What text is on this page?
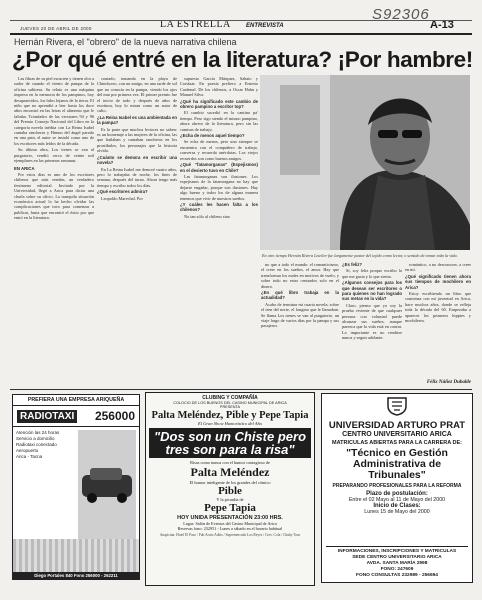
JUEVES 20 DE ABRIL DE 2000	LA ESTRELLA	ENTREVISTA	A-13
S92306
Hernán Rivera, el "obrero" de la nueva narrativa chilena
¿Por qué entré en la literatura? ¡Por hambre!

Las fibras de su piel escurren y tienen olor a sudor de cuando el viento de pampa de la oficina salitrera. Su relato es una máquina impresa en la memoria de los pampinos, hoy desaparecidos, los hilos lejanos de la tierra. El niño que no aprendió a leer hasta los doce años encontró en las letras el alimento que le faltaba. Triunfador de las versiones 94 y 96 del Premio Consejo Nacional del Libro en la categoría novela inédita con La Reina Isabel cantaba rancheras y Himno del ángel parado en una pata, el autor se instaló como uno de los escritores más leídos de la década.

Su última obra, Los trenes se van al purgatorio, vendió cerca de veinte mil ejemplares en las primeras semanas.

EN ARICA

Por estos días es uno de los escritores chilenos que más venden, un verdadero fenómeno editorial. Invitado por la Universidad, llegó a Arica para dictar una charla sobre su oficio. La tranquila situación económica actual lo ha hecho olvidar las complicaciones que tuvo para comenzar a publicar, hasta que encontró el éxito por que entró en la literatura.

contado, tomando en la playa de Chinchorro, con un amigo, en una tarde de sol que no conocía en la pampa, viendo los ojos del mar por primera vez. El primer premio fue el inicio de todo y después de años de escritura, hoy lo miran como un autor de culto.

¿La Reina Isabel es una ambientada en la pampa?

Es la parte que muchos lectores no saben: es un homenaje a las mujeres de la oficina, las que bailaban y cantaban rancheras en los prostíbulos, los personajes que la historia olvida.

¿Cuánto se demora en escribir una novela?

En La Reina Isabel me demoré cuatro años, pero lo trabajaba de noche, los fines de semana, después del turno. Ahora tengo más tiempo y escribo todos los días.

¿Qué escritores admira?

Leopoldo Marechal. Por

supuesto García Márquez, Sabato y Cortázar. En poesía prefiero a Ernesto Cardenal. De los chilenos, a Oscar Hahn y Manuel Silva.

¿Qué ha significado este cambio de obrero pampino a escritor top?

El cambio sucedió en la cantina pa' tiempo. Pero sigo siendo el mismo pampino, ahora obrero de la literatura, pero sin las camisas de trabajo.

¿Echa de menos aquel tiempo?

Se echa de menos, pero uno siempre se encuentra con el compañero de trabajo, conversa y recuerda anécdotas. Los viejos recuerdos son como buenos amigos.

¿Qué "fatamorganas" (Espejismos) en el desierto tuvo en Chile?

Las fatamorganas son ilusiones. Los espejismos de la fatamorgana no hay que dejarse engañar, porque son ilusiones. Hay algo bueno y todos los de alguna manera tenemos que vivir de nuestros sueños.

¿Y cuáles les hacen falta a los chilenos?

No tan sólo al chileno sino

En otro tiempo Hernán Rivera Letelier fue largamente pastor del tejido como lector, o sentido de tomar todo la vida.

no que a todo el mundo: el romanticismo, el creer en los sueños, el amor. Hay que transformar los males en motivos de vuelo, y sobre todo no estar centrados solo en el dinero.

¿En qué libro trabaja en la actualidad?

Acabo de terminar mi cuarta novela, sobre el tren del norte, el longino que le llamaban. Se llama Los trenes se van al purgatorio, un viaje largo de varios días por la pampa y sus pasajeros.

¿Es feliz?

Sí, soy feliz porque escribo lo que me gusta y lo que siento.

¿Algunos consejos para los que desean ser escritores o para quienes no han logrado sus metas en la vida?

Claro, pienso que yo soy la prueba viviente de que cualquier persona con voluntad puede alcanzar sus sueños, aunque parezca que la vida está en contra. Lo importante es no rendirse nunca y seguir adelante.

romántico, a no desconocer, a creer en mí.

¿Qué significado tienen ahora sus tiempos de mochilero en Arica?

Estoy escribiendo un libro que comienza con mi juventud en Arica, hace muchos años, donde se refleja toda la década del 60. Empezaba a aparecer los primeros hippies y mochileros.

Félix Núñez Dubalde
PREFIERA UNA EMPRESA ARIQUEÑA
RADIOTAXI 256000
Atención las 24 horas
Servicio a domicilio
Radiotaxi conectado
Aeropuerto
Arica - Tacna
Diego Portales 840 Fono 256000 - 262211
CLUBING Y COMPAÑÍA
COLOCIO DE LOS BUENOS DEL CASINO MUNICIPAL DE ARICA
PRESENTA
Palta Meléndez, Pible y Pepe Tapia
El Gran Show Humorístico del Año
"Dos son un Chiste pero tres son para la risa"
Risas como nunca con el humor contagioso de
Palta Meléndez
El humor inteligente de los grandes del cómico
Pible
Y la picardía de
Pepe Tapia
HOY UNIDA PRESENTACIÓN 23:00 HRS.
Lugar: Salón de Eventos del Casino Municipal de Arica
Reservas fono: 232951 - Lunes a sábado en el horario habitual
Auspician: Hotel El Paso / Pub Aroto Adiós / Supermercado Los Reyes / Cerv. Cola / Chuby Tour
UNIVERSIDAD ARTURO PRAT
CENTRO UNIVERSITARIO ARICA
MATRICULAS ABIERTAS PARA LA CARRERA DE:
"Técnico en Gestión Administrativa de Tribunales"
PREPARANDO PROFESIONALES PARA LA REFORMA
Plazo de postulación:
Entre el 02 Mayo al 11 de Mayo del 2000
Inicio de Clases:
Lunes 15 de Mayo del 2000
INFORMACIONES, INSCRIPCIONES Y MATRICULAS
SEDE CENTRO UNIVERSITARIO ARICA
AVDA. SANTA MARÍA 2998
FONO: 247609
FONO CONSULTAS 232989 - 256694
